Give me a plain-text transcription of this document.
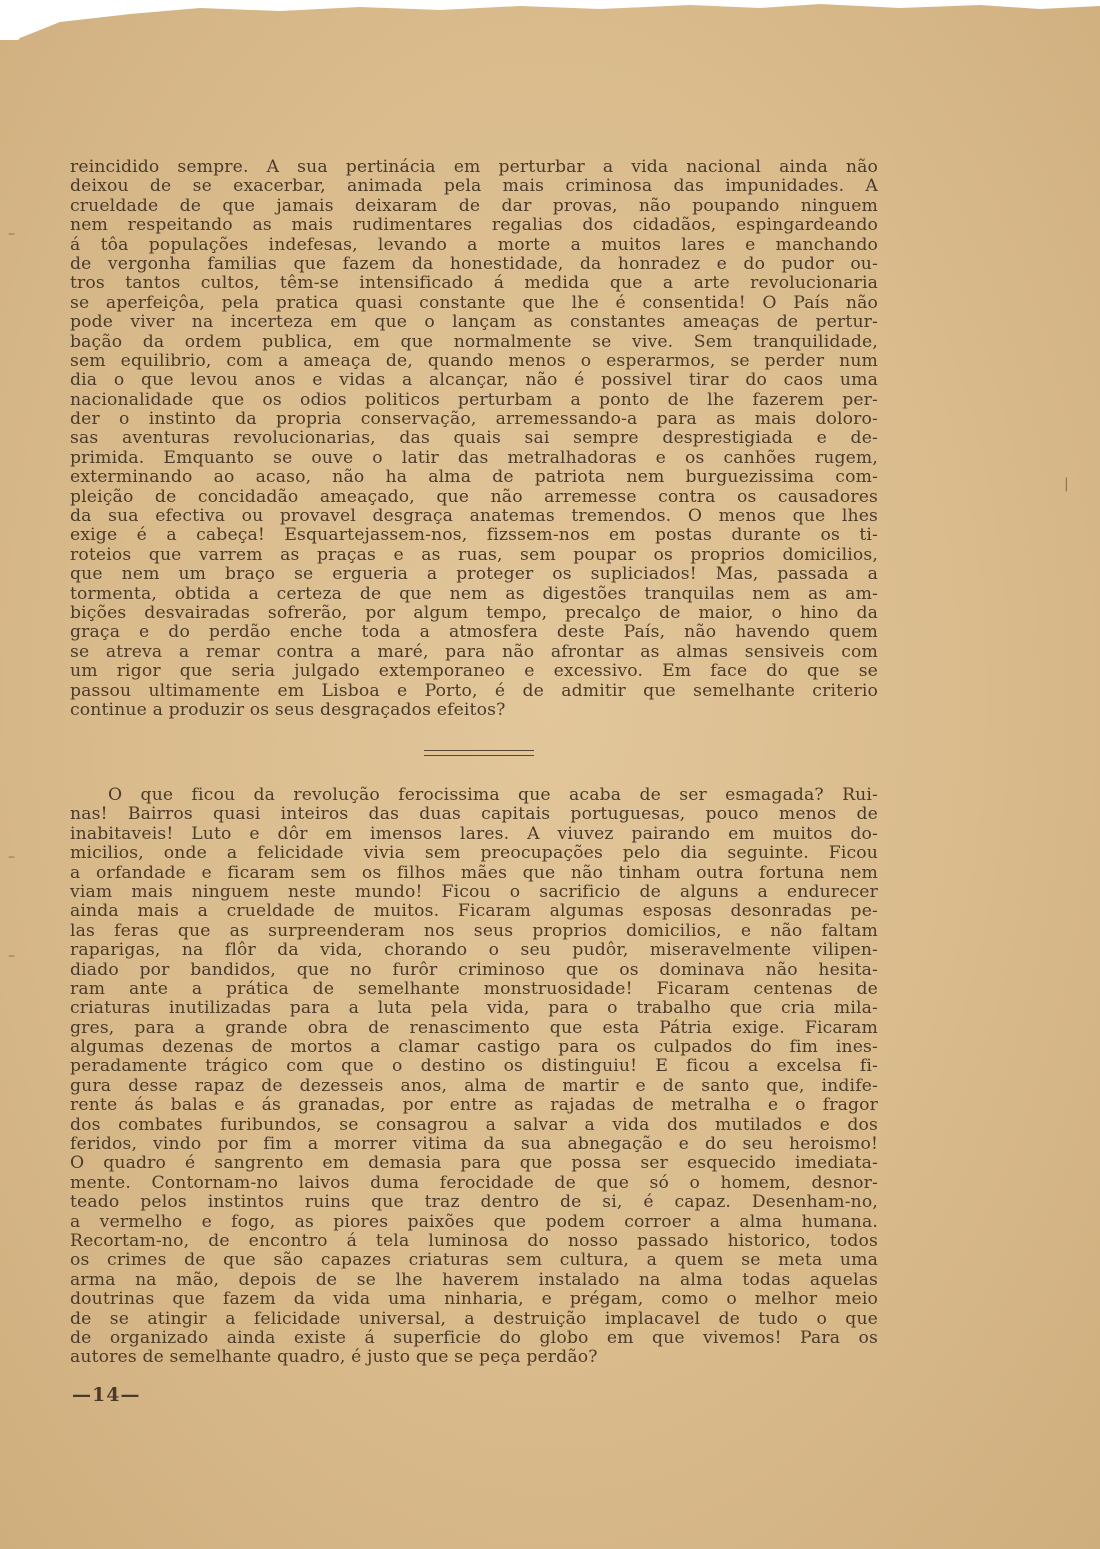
–
–
–
|
reincidido sempre. A sua pertinácia em perturbar a vida nacional ainda não
deixou de se exacerbar, animada pela mais criminosa das impunidades. A
crueldade de que jamais deixaram de dar provas, não poupando ninguem
nem respeitando as mais rudimentares regalias dos cidadãos, espingardeando
á tôa populações indefesas, levando a morte a muitos lares e manchando
de vergonha familias que fazem da honestidade, da honradez e do pudor ou-
tros tantos cultos, têm-se intensificado á medida que a arte revolucionaria
se aperfeiçôa, pela pratica quasi constante que lhe é consentida! O País não
pode viver na incerteza em que o lançam as constantes ameaças de pertur-
bação da ordem publica, em que normalmente se vive. Sem tranquilidade,
sem equilibrio, com a ameaça de, quando menos o esperarmos, se perder num
dia o que levou anos e vidas a alcançar, não é possivel tirar do caos uma
nacionalidade que os odios politicos perturbam a ponto de lhe fazerem per-
der o instinto da propria conservação, arremessando-a para as mais doloro-
sas aventuras revolucionarias, das quais sai sempre desprestigiada e de-
primida. Emquanto se ouve o latir das metralhadoras e os canhões rugem,
exterminando ao acaso, não ha alma de patriota nem burguezissima com-
pleição de concidadão ameaçado, que não arremesse contra os causadores
da sua efectiva ou provavel desgraça anatemas tremendos. O menos que lhes
exige é a cabeça! Esquartejassem-nos, fizssem-nos em postas durante os ti-
roteios que varrem as praças e as ruas, sem poupar os proprios domicilios,
que nem um braço se ergueria a proteger os supliciados! Mas, passada a
tormenta, obtida a certeza de que nem as digestões tranquilas nem as am-
bições desvairadas sofrerão, por algum tempo, precalço de maior, o hino da
graça e do perdão enche toda a atmosfera deste País, não havendo quem
se atreva a remar contra a maré, para não afrontar as almas sensiveis com
um rigor que seria julgado extemporaneo e excessivo. Em face do que se
passou ultimamente em Lisboa e Porto, é de admitir que semelhante criterio
continue a produzir os seus desgraçados efeitos?
O que ficou da revolução ferocissima que acaba de ser esmagada? Rui-
nas! Bairros quasi inteiros das duas capitais portuguesas, pouco menos de
inabitaveis! Luto e dôr em imensos lares. A viuvez pairando em muitos do-
micilios, onde a felicidade vivia sem preocupações pelo dia seguinte. Ficou
a orfandade e ficaram sem os filhos mães que não tinham outra fortuna nem
viam mais ninguem neste mundo! Ficou o sacrificio de alguns a endurecer
ainda mais a crueldade de muitos. Ficaram algumas esposas desonradas pe-
las feras que as surpreenderam nos seus proprios domicilios, e não faltam
raparigas, na flôr da vida, chorando o seu pudôr, miseravelmente vilipen-
diado por bandidos, que no furôr criminoso que os dominava não hesita-
ram ante a prática de semelhante monstruosidade! Ficaram centenas de
criaturas inutilizadas para a luta pela vida, para o trabalho que cria mila-
gres, para a grande obra de renascimento que esta Pátria exige. Ficaram
algumas dezenas de mortos a clamar castigo para os culpados do fim ines-
peradamente trágico com que o destino os distinguiu! E ficou a excelsa fi-
gura desse rapaz de dezesseis anos, alma de martir e de santo que, indife-
rente ás balas e ás granadas, por entre as rajadas de metralha e o fragor
dos combates furibundos, se consagrou a salvar a vida dos mutilados e dos
feridos, vindo por fim a morrer vitima da sua abnegação e do seu heroismo!
O quadro é sangrento em demasia para que possa ser esquecido imediata-
mente. Contornam-no laivos duma ferocidade de que só o homem, desnor-
teado pelos instintos ruins que traz dentro de si, é capaz. Desenham-no,
a vermelho e fogo, as piores paixões que podem corroer a alma humana.
Recortam-no, de encontro á tela luminosa do nosso passado historico, todos
os crimes de que são capazes criaturas sem cultura, a quem se meta uma
arma na mão, depois de se lhe haverem instalado na alma todas aquelas
doutrinas que fazem da vida uma ninharia, e prégam, como o melhor meio
de se atingir a felicidade universal, a destruição implacavel de tudo o que
de organizado ainda existe á superficie do globo em que vivemos! Para os
autores de semelhante quadro, é justo que se peça perdão?
—14—
